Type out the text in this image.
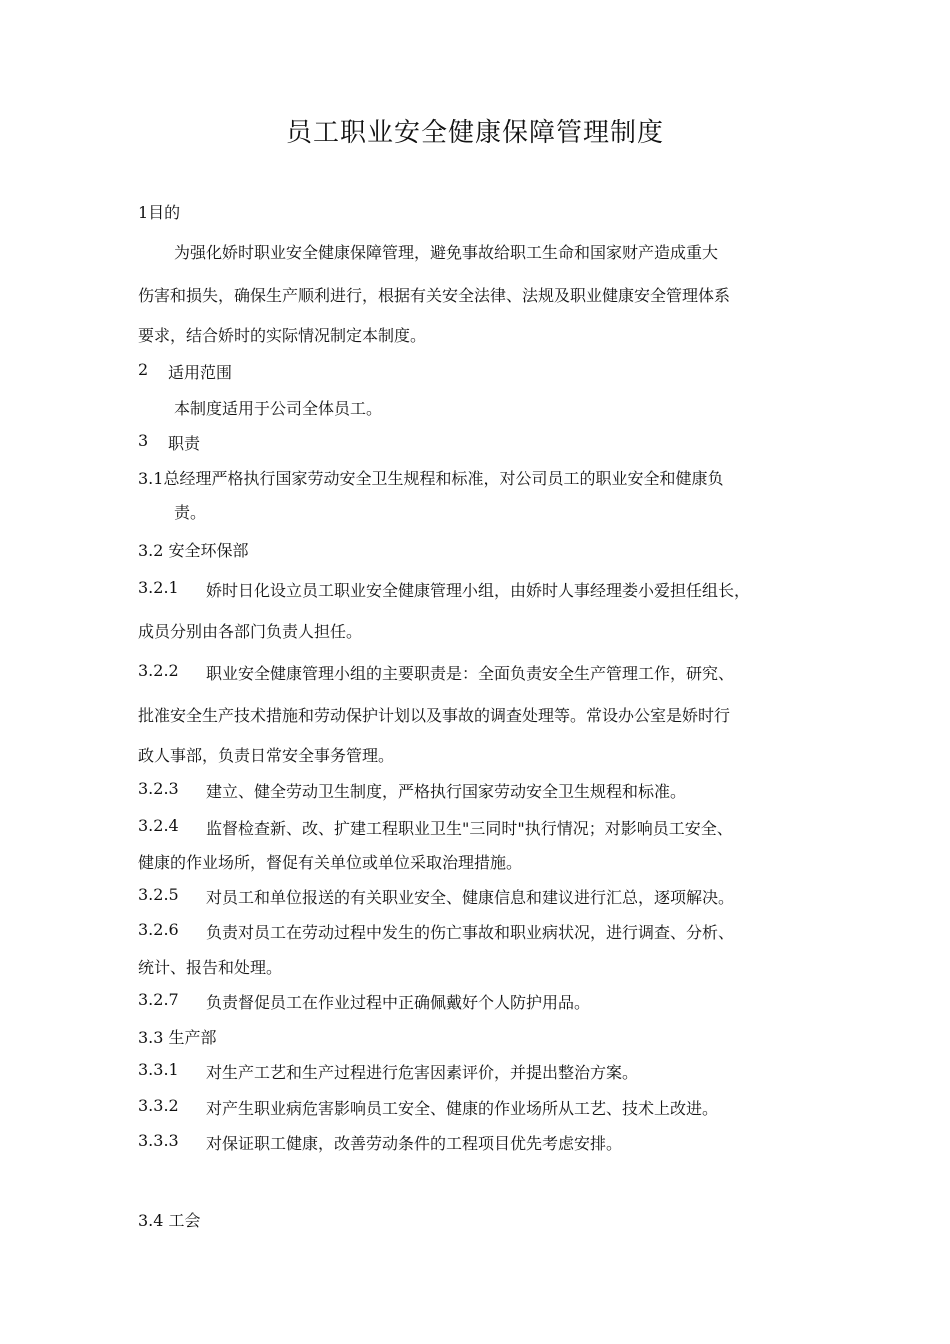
员工职业安全健康保障管理制度
1目的
为强化娇时职业安全健康保障管理，避免事故给职工生命和国家财产造成重大
伤害和损失，确保生产顺利进行，根据有关安全法律、法规及职业健康安全管理体系
要求，结合娇时的实际情况制定本制度。
2 适用范围
本制度适用于公司全体员工。
3 职责
3.1总经理严格执行国家劳动安全卫生规程和标准，对公司员工的职业安全和健康负
责。
3.2 安全环保部
3.2.1 娇时日化设立员工职业安全健康管理小组，由娇时人事经理娄小爱担任组长，
成员分别由各部门负责人担任。
3.2.2 职业安全健康管理小组的主要职责是：全面负责安全生产管理工作，研究、
批准安全生产技术措施和劳动保护计划以及事故的调查处理等。常设办公室是娇时行
政人事部，负责日常安全事务管理。
3.2.3 建立、健全劳动卫生制度，严格执行国家劳动安全卫生规程和标准。
3.2.4 监督检查新、改、扩建工程职业卫生"三同时"执行情况；对影响员工安全、
健康的作业场所，督促有关单位或单位采取治理措施。
3.2.5 对员工和单位报送的有关职业安全、健康信息和建议进行汇总，逐项解决。
3.2.6 负责对员工在劳动过程中发生的伤亡事故和职业病状况，进行调查、分析、
统计、报告和处理。
3.2.7 负责督促员工在作业过程中正确佩戴好个人防护用品。
3.3 生产部
3.3.1 对生产工艺和生产过程进行危害因素评价，并提出整治方案。
3.3.2 对产生职业病危害影响员工安全、健康的作业场所从工艺、技术上改进。
3.3.3 对保证职工健康，改善劳动条件的工程项目优先考虑安排。
3.4 工会
